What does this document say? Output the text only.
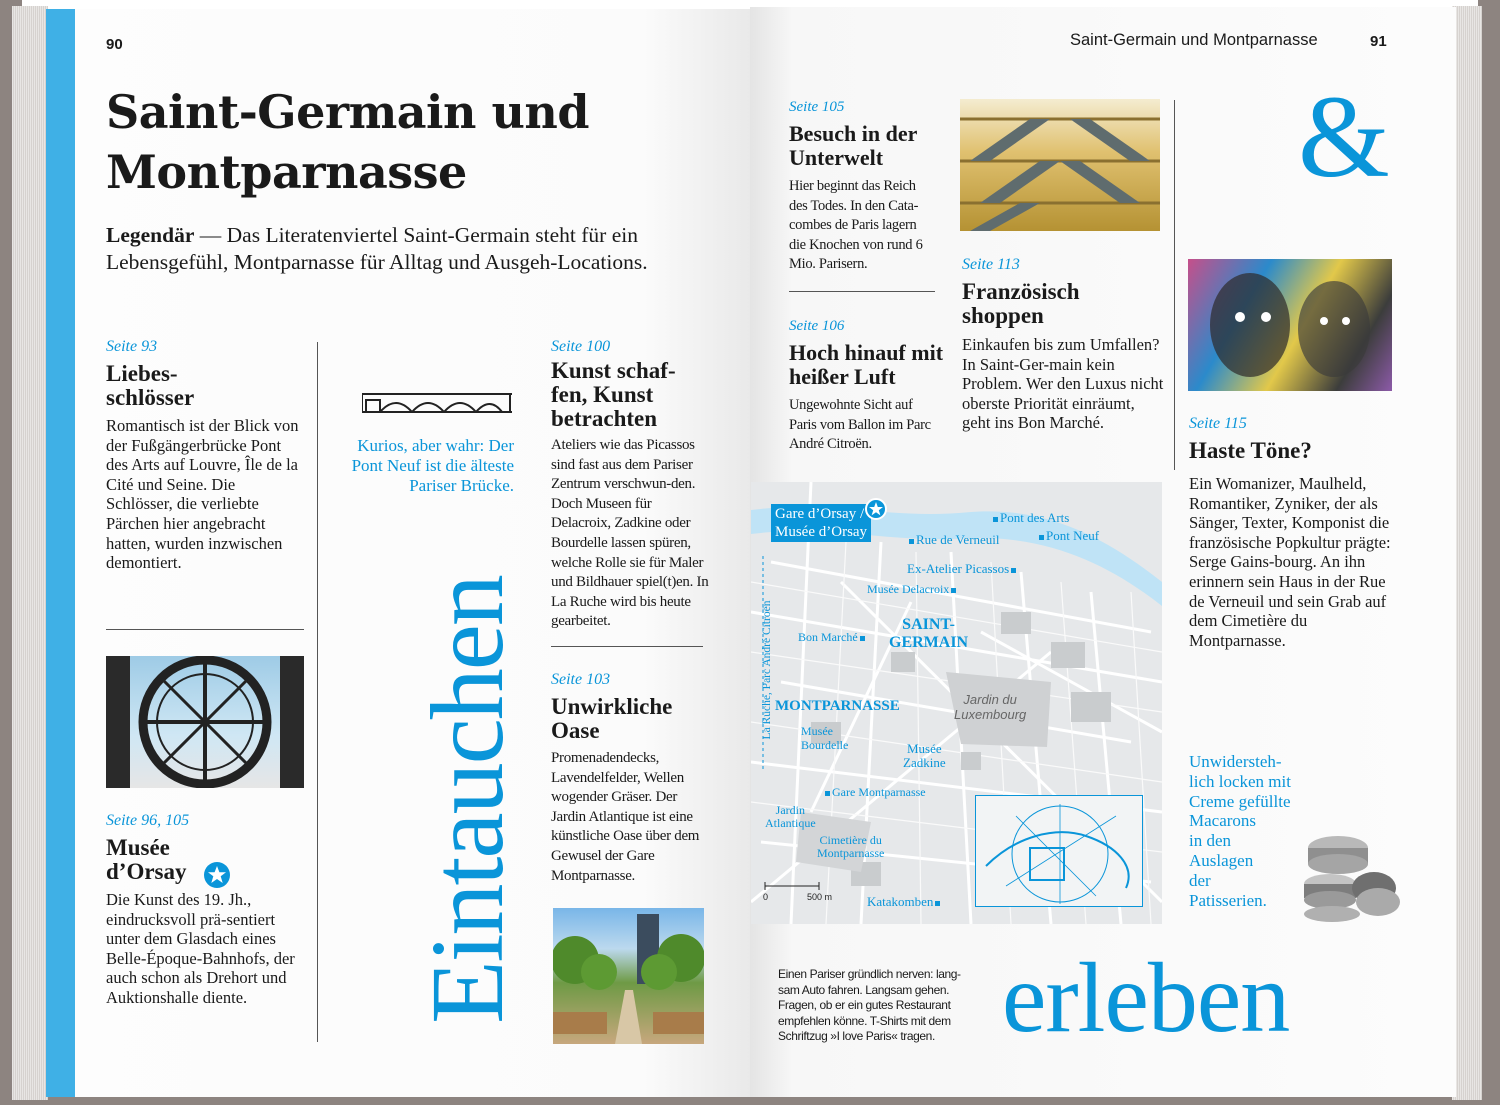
90
Saint-Germain und Montparnasse
Legendär — Das Literatenviertel Saint-Germain steht für ein Lebensgefühl, Montparnasse für Alltag und Ausgeh-Locations.
Seite 93
Liebes-
schlösser
Romantisch ist der Blick von der Fußgängerbrücke Pont des Arts auf Louvre, Île de la Cité und Seine. Die Schlösser, die verliebte Pärchen hier angebracht hatten, wurden inzwischen demontiert.
Seite 96, 105
Musée
d’Orsay
Die Kunst des 19. Jh., eindrucksvoll prä-sentiert unter dem Glasdach eines Belle-Époque-Bahnhofs, der auch schon als Drehort und Auktionshalle diente.
Kurios, aber wahr: Der Pont Neuf ist die älteste Pariser Brücke.
Eintauchen
Seite 100
Kunst schaf-
fen, Kunst
betrachten
Ateliers wie das Picassos sind fast aus dem Pariser Zentrum verschwun-den. Doch Museen für Delacroix, Zadkine oder Bourdelle lassen spüren, welche Rolle sie für Maler und Bildhauer spiel(t)en. In La Ruche wird bis heute gearbeitet.
Seite 103
Unwirkliche
Oase
Promenadendecks, Lavendelfelder, Wellen wogender Gräser. Der Jardin Atlantique ist eine künstliche Oase über dem Gewusel der Gare Montparnasse.
Saint-Germain und Montparnasse	91
Seite 105
Besuch in der
Unterwelt
Hier beginnt das Reich des Todes. In den Cata-combes de Paris lagern die Knochen von rund 6 Mio. Parisern.
Seite 106
Hoch hinauf mit
heißer Luft
Ungewohnte Sicht auf Paris vom Ballon im Parc André Citroën.
Seite 113
Französisch
shoppen
Einkaufen bis zum Umfallen? In Saint-Ger-main kein Problem. Wer den Luxus nicht oberste Priorität einräumt, geht ins Bon Marché.
&
Seite 115
Haste Töne?
Ein Womanizer, Maulheld, Romantiker, Zyniker, der als Sänger, Texter, Komponist die französische Popkultur prägte: Serge Gains-bourg. An ihn erinnern sein Haus in der Rue de Verneuil und sein Grab auf dem Cimetière du Montparnasse.
Unwidersteh-
lich locken mit
Creme gefüllte
Macarons
in den
Auslagen
der
Patisserien.
Gare d’Orsay /
Musée d’Orsay
Pont des Arts
Rue de Verneuil	Pont Neuf
Ex-Atelier Picassos
Musée Delacroix
SAINT-
GERMAIN
Bon Marché
Jardin du
Luxembourg
MONTPARNASSE
Musée
Bourdelle	Musée
Zadkine
Gare Montparnasse
Jardin
Atlantique
Cimetière du
Montparnasse
Katakomben
La Ruche, Parc André Citroën
0	500 m
Einen Pariser gründlich nerven: lang-sam Auto fahren. Langsam gehen. Fragen, ob er ein gutes Restaurant empfehlen könne. T-Shirts mit dem Schriftzug »I love Paris« tragen. erleben
